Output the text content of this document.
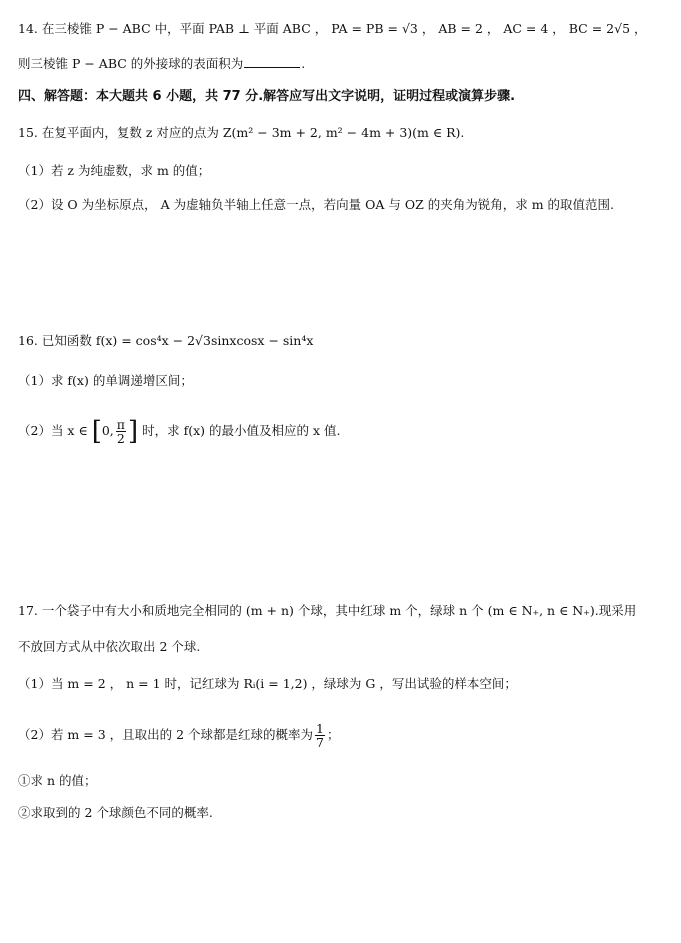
14. 在三棱锥 P − ABC 中，平面 PAB ⊥ 平面 ABC ， PA = PB = √3 ， AB = 2 ， AC = 4 ， BC = 2√5 ，
则三棱锥 P − ABC 的外接球的表面积为	.
四、解答题：本大题共 6 小题，共 77 分.解答应写出文字说明，证明过程或演算步骤.
15. 在复平面内，复数 z 对应的点为 Z(m² − 3m + 2, m² − 4m + 3)(m ∈ R).
（1）若 z 为纯虚数，求 m 的值；
（2）设 O 为坐标原点， A 为虚轴负半轴上任意一点，若向量 OA 与 OZ 的夹角为锐角，求 m 的取值范围.
16. 已知函数 f(x) = cos⁴x − 2√3sinxcosx − sin⁴x
（1）求 f(x) 的单调递增区间；
（2）当 x ∈ [0, $\frac{\pi}{2}$ ] 时，求 f(x) 的最小值及相应的 x 值.
17. 一个袋子中有大小和质地完全相同的 (m + n) 个球，其中红球 m 个，绿球 n 个 (m ∈ N₊, n ∈ N₊).现采用
不放回方式从中依次取出 2 个球.
（1）当 m = 2 ， n = 1 时，记红球为 Rᵢ(i = 1,2) ，绿球为 G ，写出试验的样本空间；
（2）若 m = 3 ，且取出的 2 个球都是红球的概率为 $\frac{1}{7}$ ；
①求 n 的值；
②求取到的 2 个球颜色不同的概率.
